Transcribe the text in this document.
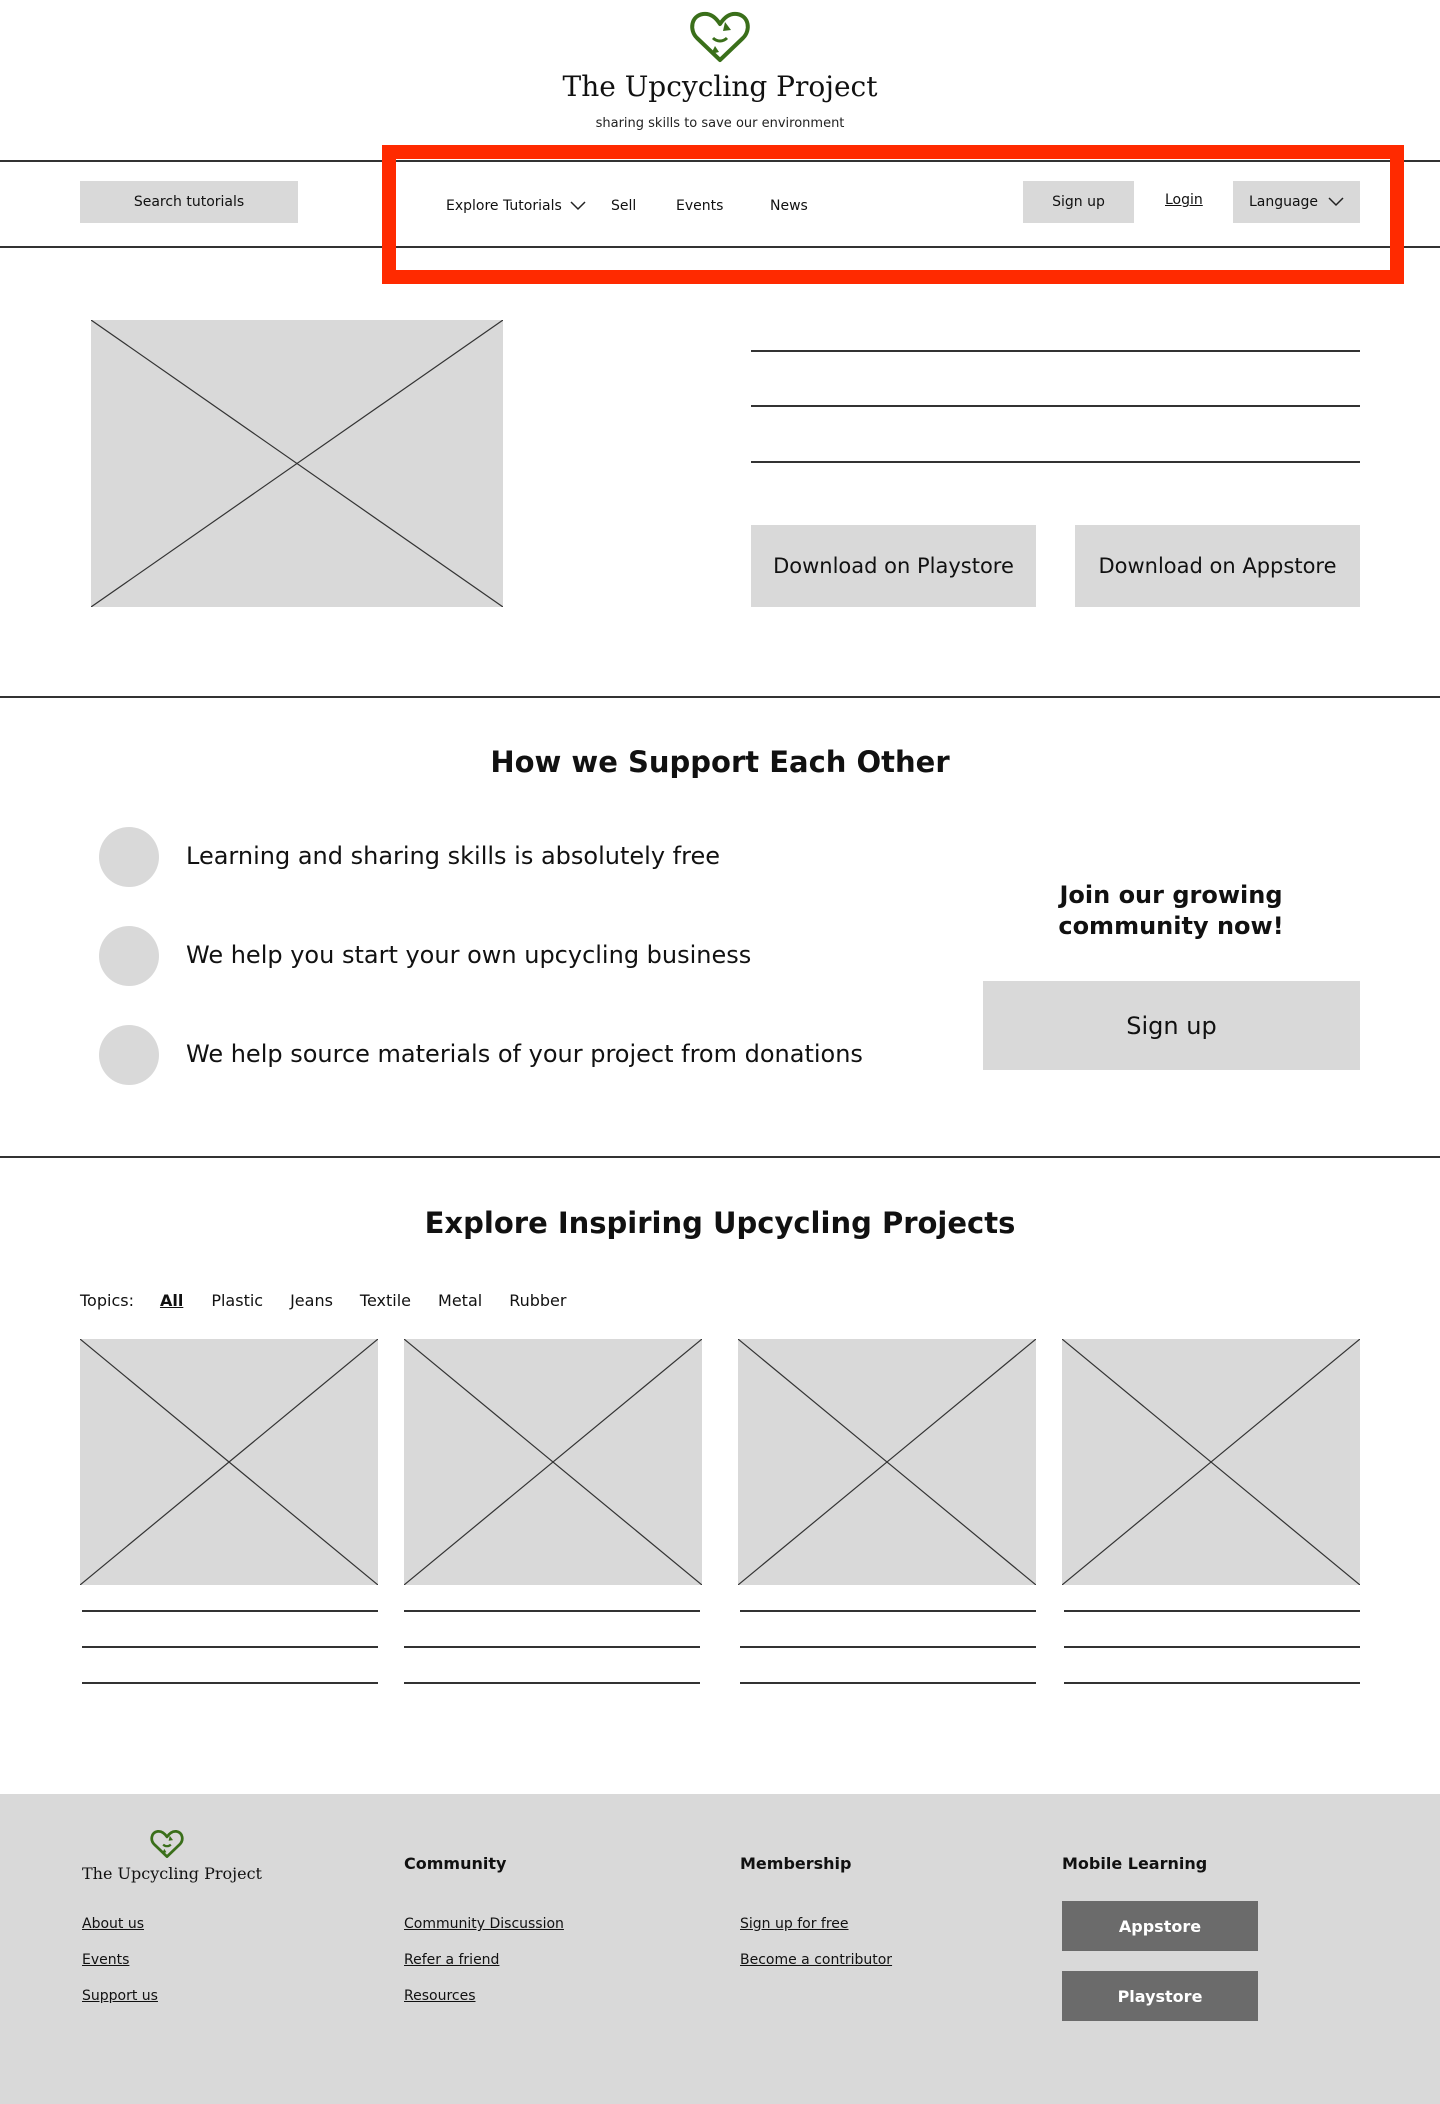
The Upcycling Project
sharing skills to save our environment
Search tutorials	Explore Tutorials	Sell	Events	News	Sign up	Login	Language
Download on Playstore	Download on Appstore
How we Support Each Other
Learning and sharing skills is absolutely free
We help you start your own upcycling business
We help source materials of your project from donations
Join our growing community now!
Sign up
Explore Inspiring Upcycling Projects
Topics: All Plastic Jeans Textile Metal Rubber
The Upcycling Project
About us
Events
Support us
Community
Community Discussion
Refer a friend
Resources
Membership
Sign up for free
Become a contributor
Mobile Learning
Appstore
Playstore
